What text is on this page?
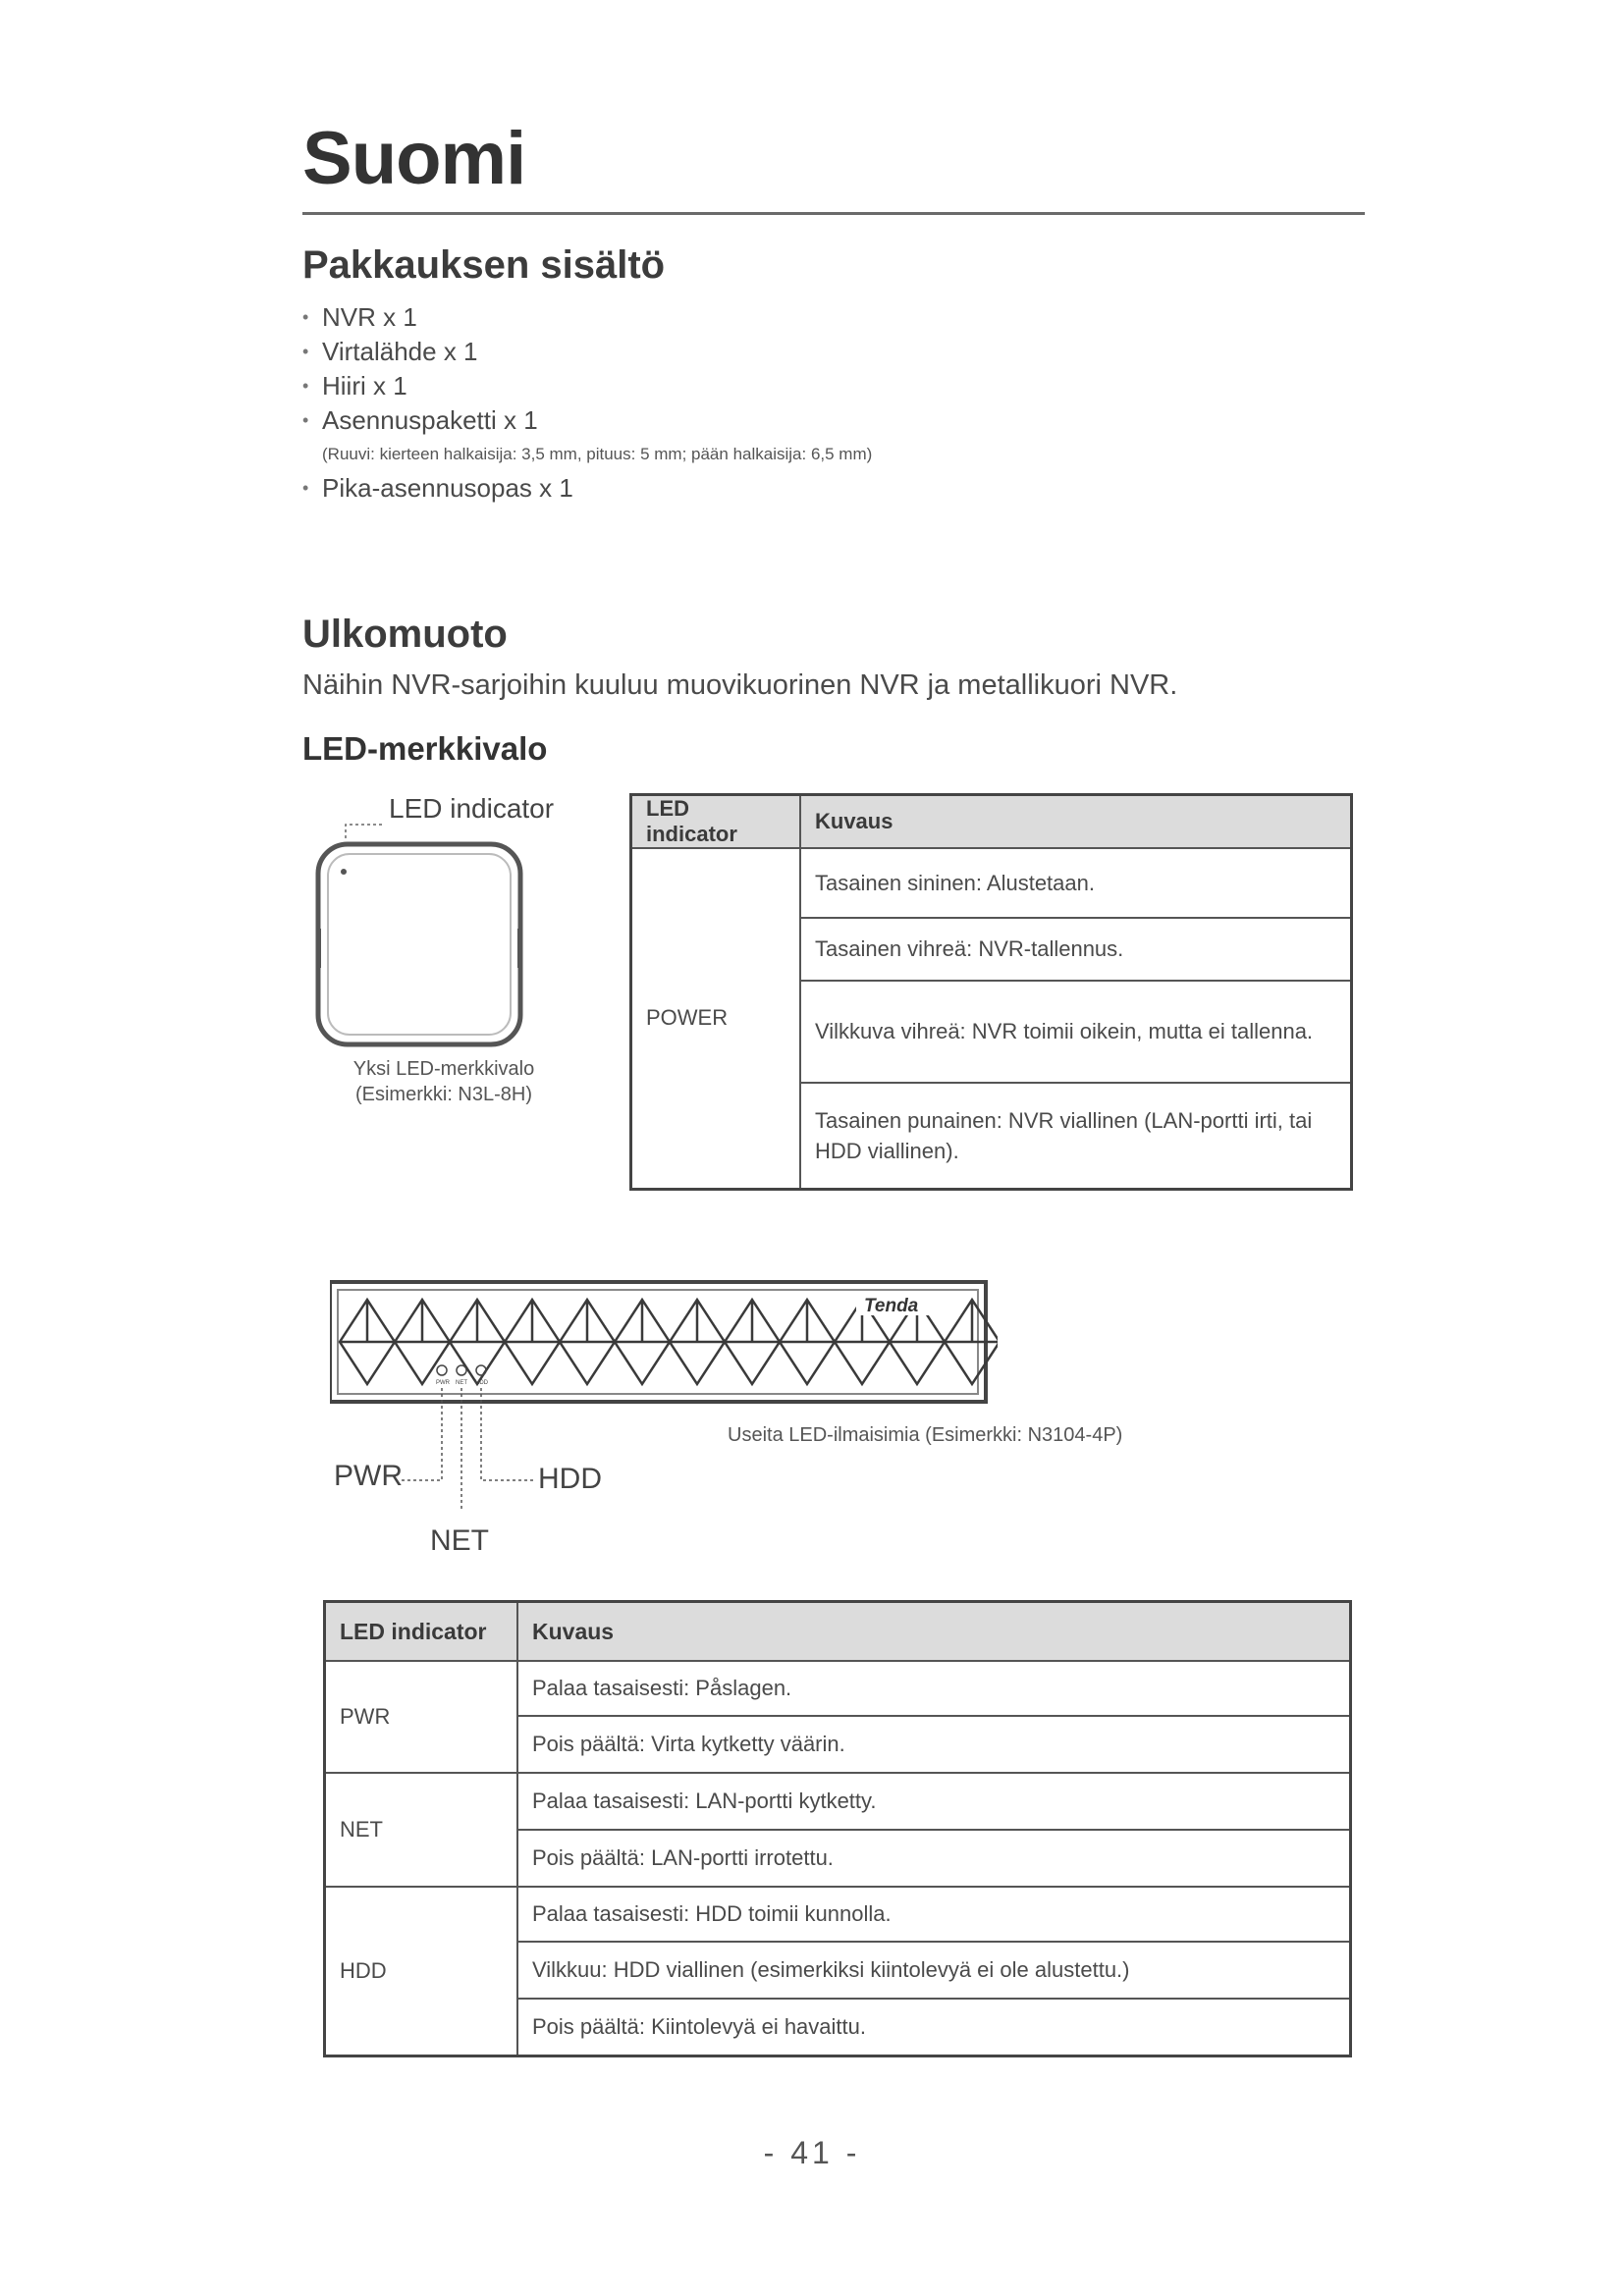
Suomi
Pakkauksen sisältö
• NVR x 1
• Virtalähde x 1
• Hiiri x 1
• Asennuspaketti x 1
(Ruuvi: kierteen halkaisija: 3,5 mm, pituus: 5 mm; pään halkaisija: 6,5 mm)
• Pika-asennusopas x 1
Ulkomuoto
Näihin NVR-sarjoihin kuuluu muovikuorinen NVR ja metallikuori NVR.
LED-merkkivalo
LED indicator
Yksi LED-merkkivalo
(Esimerkki: N3L-8H)
LED indicator	Kuvaus
POWER	Tasainen sininen: Alustetaan.
	Tasainen vihreä: NVR-tallennus.
	Vilkkuva vihreä: NVR toimii oikein, mutta ei tallenna.
	Tasainen punainen: NVR viallinen (LAN-portti irti, tai HDD viallinen).
Tenda
PWR NET HDD
Useita LED-ilmaisimia (Esimerkki: N3104-4P)
PWR	HDD
NET
LED indicator	Kuvaus
PWR	Palaa tasaisesti: Påslagen.
	Pois päältä: Virta kytketty väärin.
NET	Palaa tasaisesti: LAN-portti kytketty.
	Pois päältä: LAN-portti irrotettu.
HDD	Palaa tasaisesti: HDD toimii kunnolla.
	Vilkkuu: HDD viallinen (esimerkiksi kiintolevyä ei ole alustettu.)
	Pois päältä: Kiintolevyä ei havaittu.
- 41 -
